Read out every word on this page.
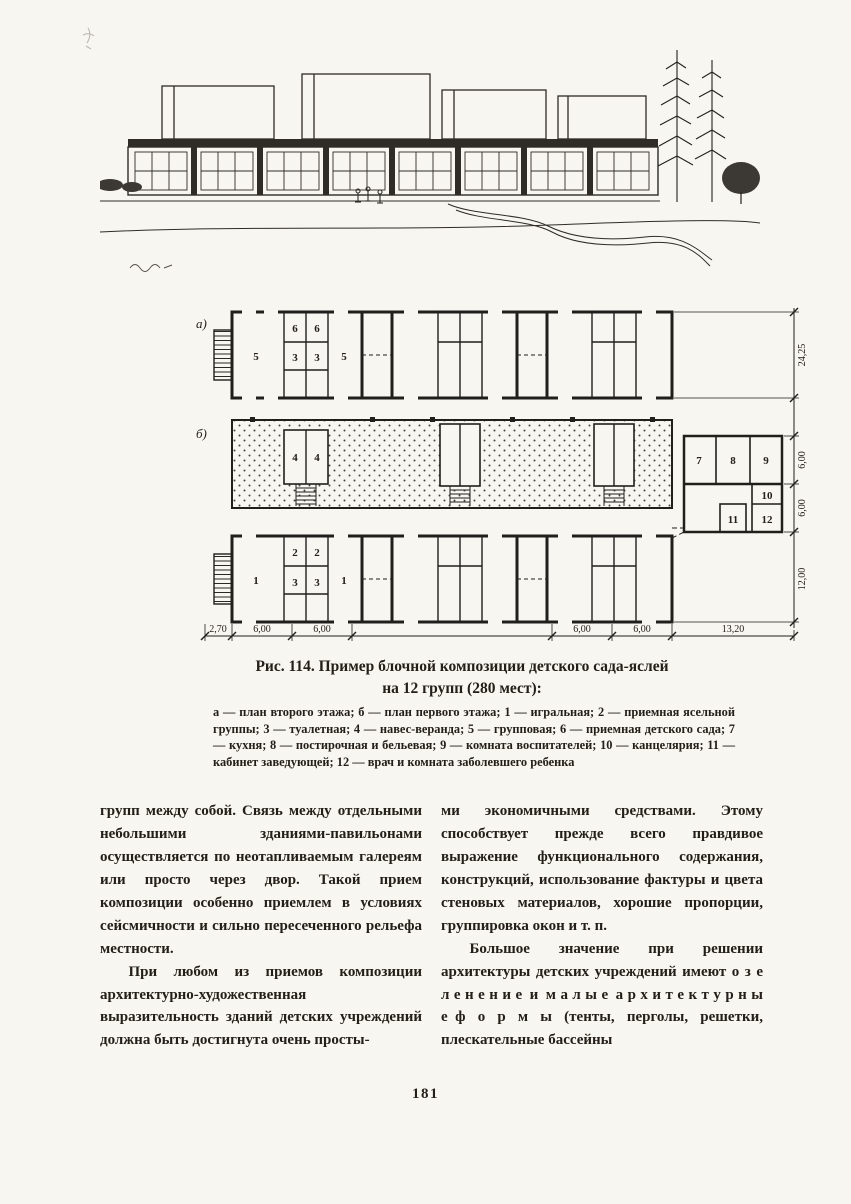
а)
5
6 6
3 3 5
б)
4 4	7	8	9
10
11 12
1
2 2
3 3 1
24,25
6,00
6,00
12,00
2,70	6,00	6,00	6,00	6,00	13,20
Рис. 114. Пример блочной композиции детского сада-яслей
на 12 групп (280 мест):
а — план второго этажа; б — план первого этажа; 1 — игральная; 2 — приемная ясельной группы; 3 — туалетная; 4 — навес-веранда; 5 — групповая; 6 — приемная детского сада; 7 — кухня; 8 — постирочная и бельевая; 9 — комната воспитателей; 10 — канцелярия; 11 — кабинет заведующей; 12 — врач и комната заболевшего ребенка

групп между собой. Связь между отдельными небольшими зданиями-павильонами осуществляется по неотапливаемым галереям или просто через двор. Такой прием композиции особенно приемлем в условиях сейсмичности и сильно пересеченного рельефа местности.

При любом из приемов композиции архитектурно-художественная выразительность зданий детских учреждений должна быть достигнута очень просты-

ми экономичными средствами. Этому способствует прежде всего правдивое выражение функционального содержания, конструкций, использование фактуры и цвета стеновых материалов, хорошие пропорции, группировка окон и т. п.

Большое значение при решении архитектуры детских учреждений имеют о з е л е н е н и е и м а л ы е а р х и т е к т у р н ы е ф о р м ы (тенты, перголы, решетки, плескательные бассейны

181
